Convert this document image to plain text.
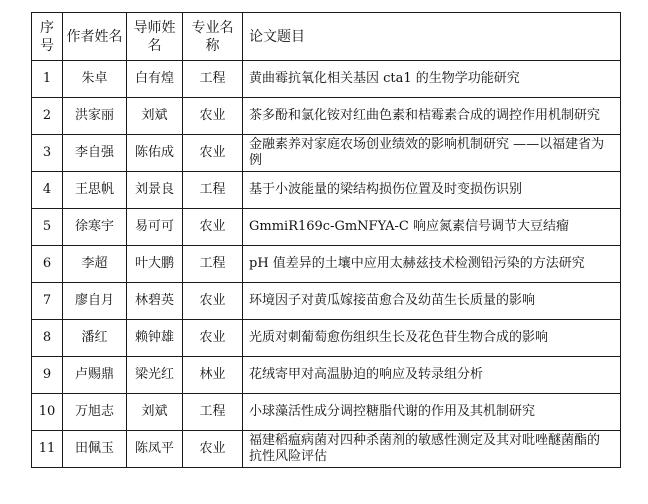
序号	作者姓名	导师姓名	专业名称	论文题目
1	朱卓	白有煌	工程	黄曲霉抗氧化相关基因 cta1 的生物学功能研究
2	洪家丽	刘斌	农业	茶多酚和氯化铵对红曲色素和桔霉素合成的调控作用机制研究
3	李自强	陈佑成	农业	金融素养对家庭农场创业绩效的影响机制研究 ——以福建省为例
4	王思帆	刘景良	工程	基于小波能量的梁结构损伤位置及时变损伤识别
5	徐寒宇	易可可	农业	GmmiR169c-GmNFYA-C 响应氮素信号调节大豆结瘤
6	李超	叶大鹏	工程	pH 值差异的土壤中应用太赫兹技术检测铅污染的方法研究
7	廖自月	林碧英	农业	环境因子对黄瓜嫁接苗愈合及幼苗生长质量的影响
8	潘红	赖钟雄	农业	光质对刺葡萄愈伤组织生长及花色苷生物合成的影响
9	卢赐鼎	梁光红	林业	花绒寄甲对高温胁迫的响应及转录组分析
10	万旭志	刘斌	工程	小球藻活性成分调控糖脂代谢的作用及其机制研究
11	田佩玉	陈凤平	农业	福建稻瘟病菌对四种杀菌剂的敏感性测定及其对吡唑醚菌酯的抗性风险评估
